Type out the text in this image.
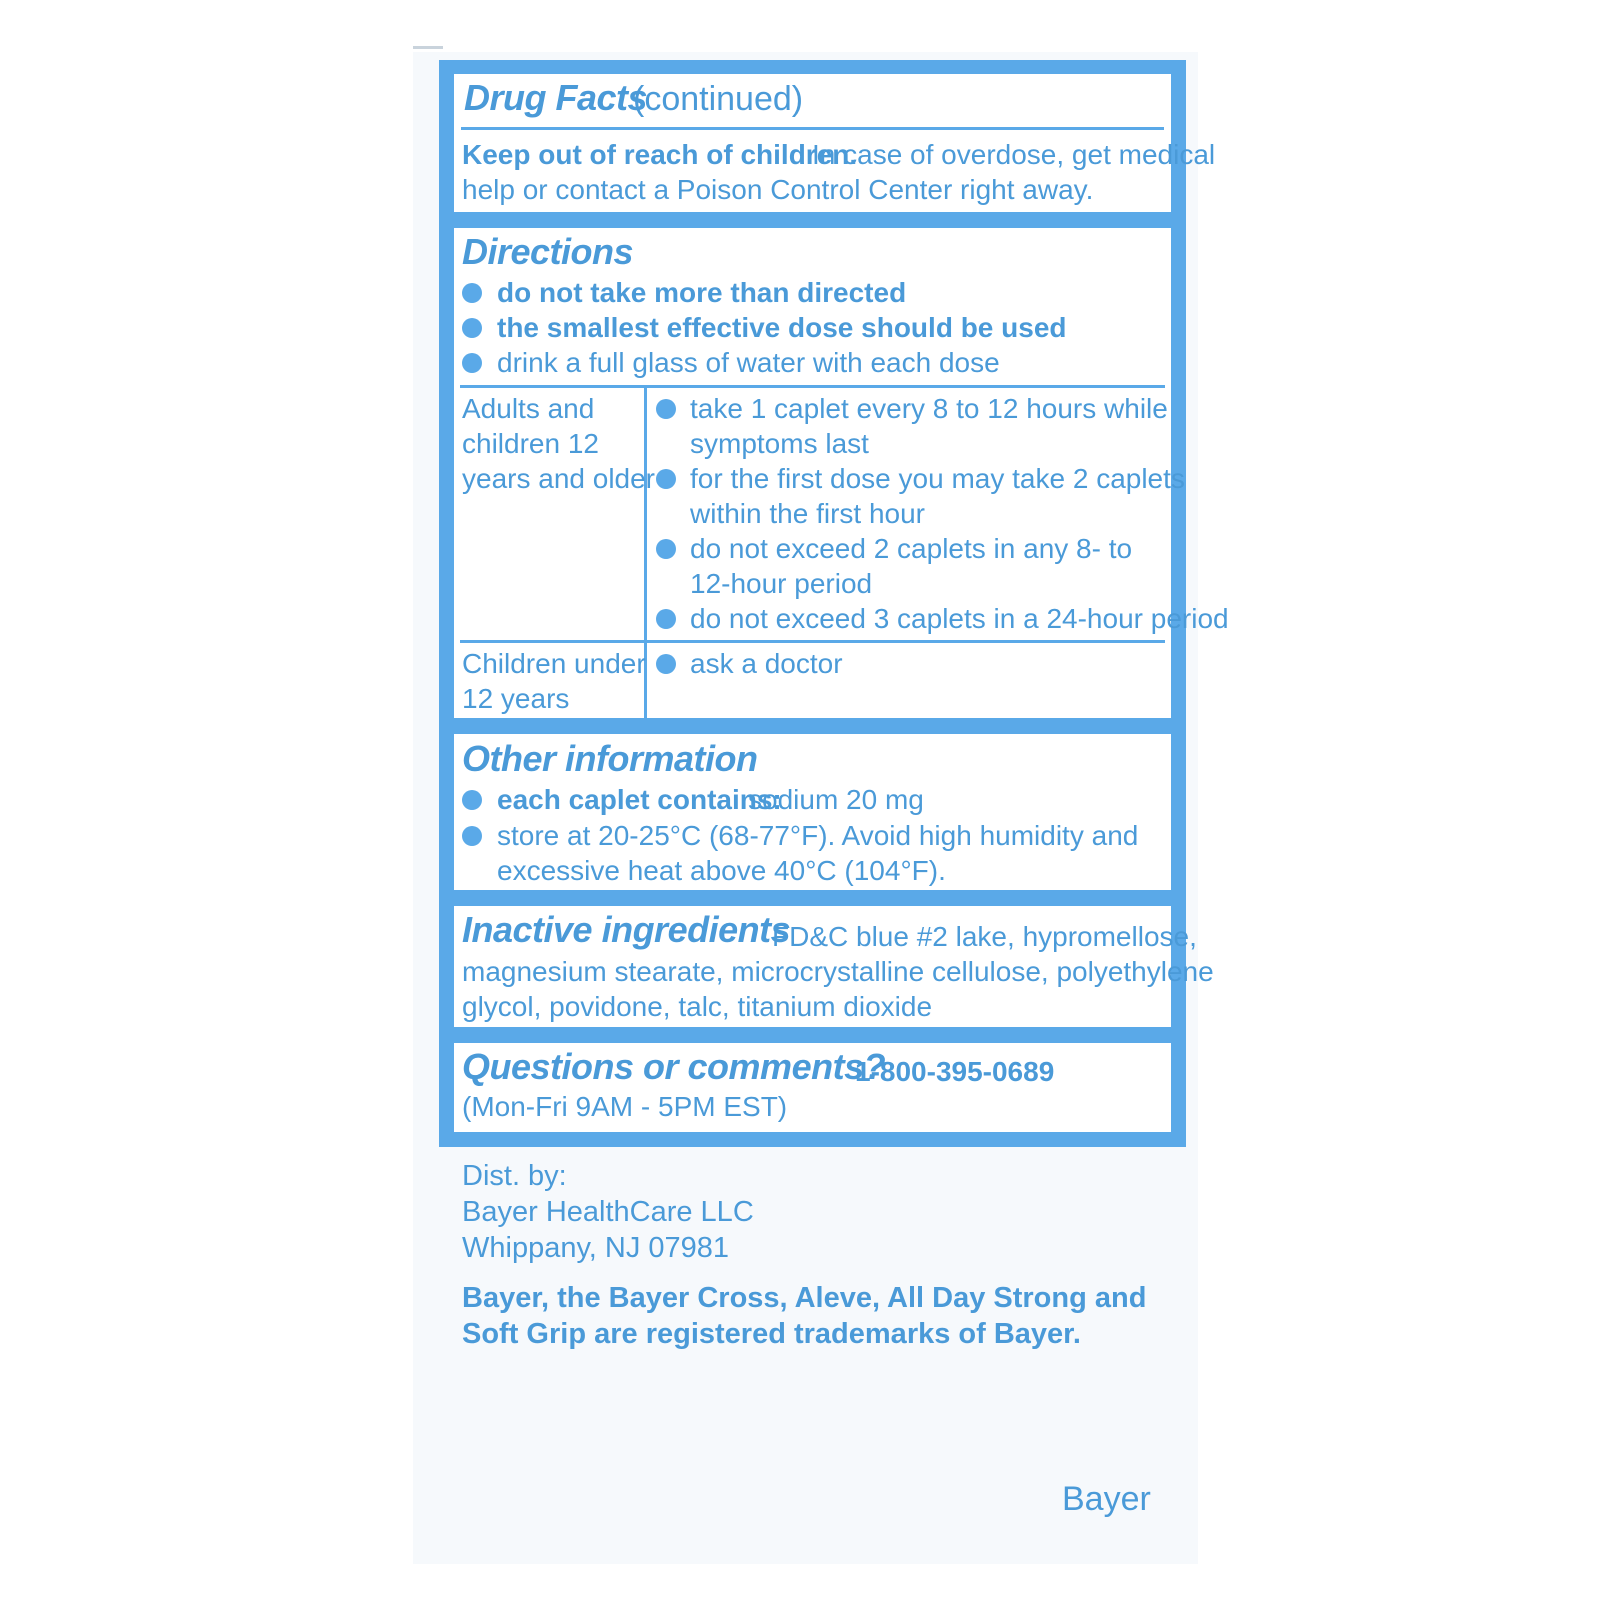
Drug Facts
(continued)
Keep out of reach of children.
In case of overdose, get medical
help or contact a Poison Control Center right away.
Directions
do not take more than directed
the smallest effective dose should be used
drink a full glass of water with each dose
Adults and
children 12
years and older
take 1 caplet every 8 to 12 hours while
symptoms last
for the first dose you may take 2 caplets
within the first hour
do not exceed 2 caplets in any 8- to
12-hour period
do not exceed 3 caplets in a 24-hour period
Children under
12 years
ask a doctor
Other information
each caplet contains:
sodium 20 mg
store at 20-25°C (68-77°F). Avoid high humidity and
excessive heat above 40°C (104°F).
Inactive ingredients
FD&C blue #2 lake, hypromellose,
magnesium stearate, microcrystalline cellulose, polyethylene
glycol, povidone, talc, titanium dioxide
Questions or comments?
1-800-395-0689
(Mon-Fri 9AM - 5PM EST)
Dist. by:
Bayer HealthCare LLC
Whippany, NJ 07981
Bayer, the Bayer Cross, Aleve, All Day Strong and
Soft Grip are registered trademarks of Bayer.
Bayer
